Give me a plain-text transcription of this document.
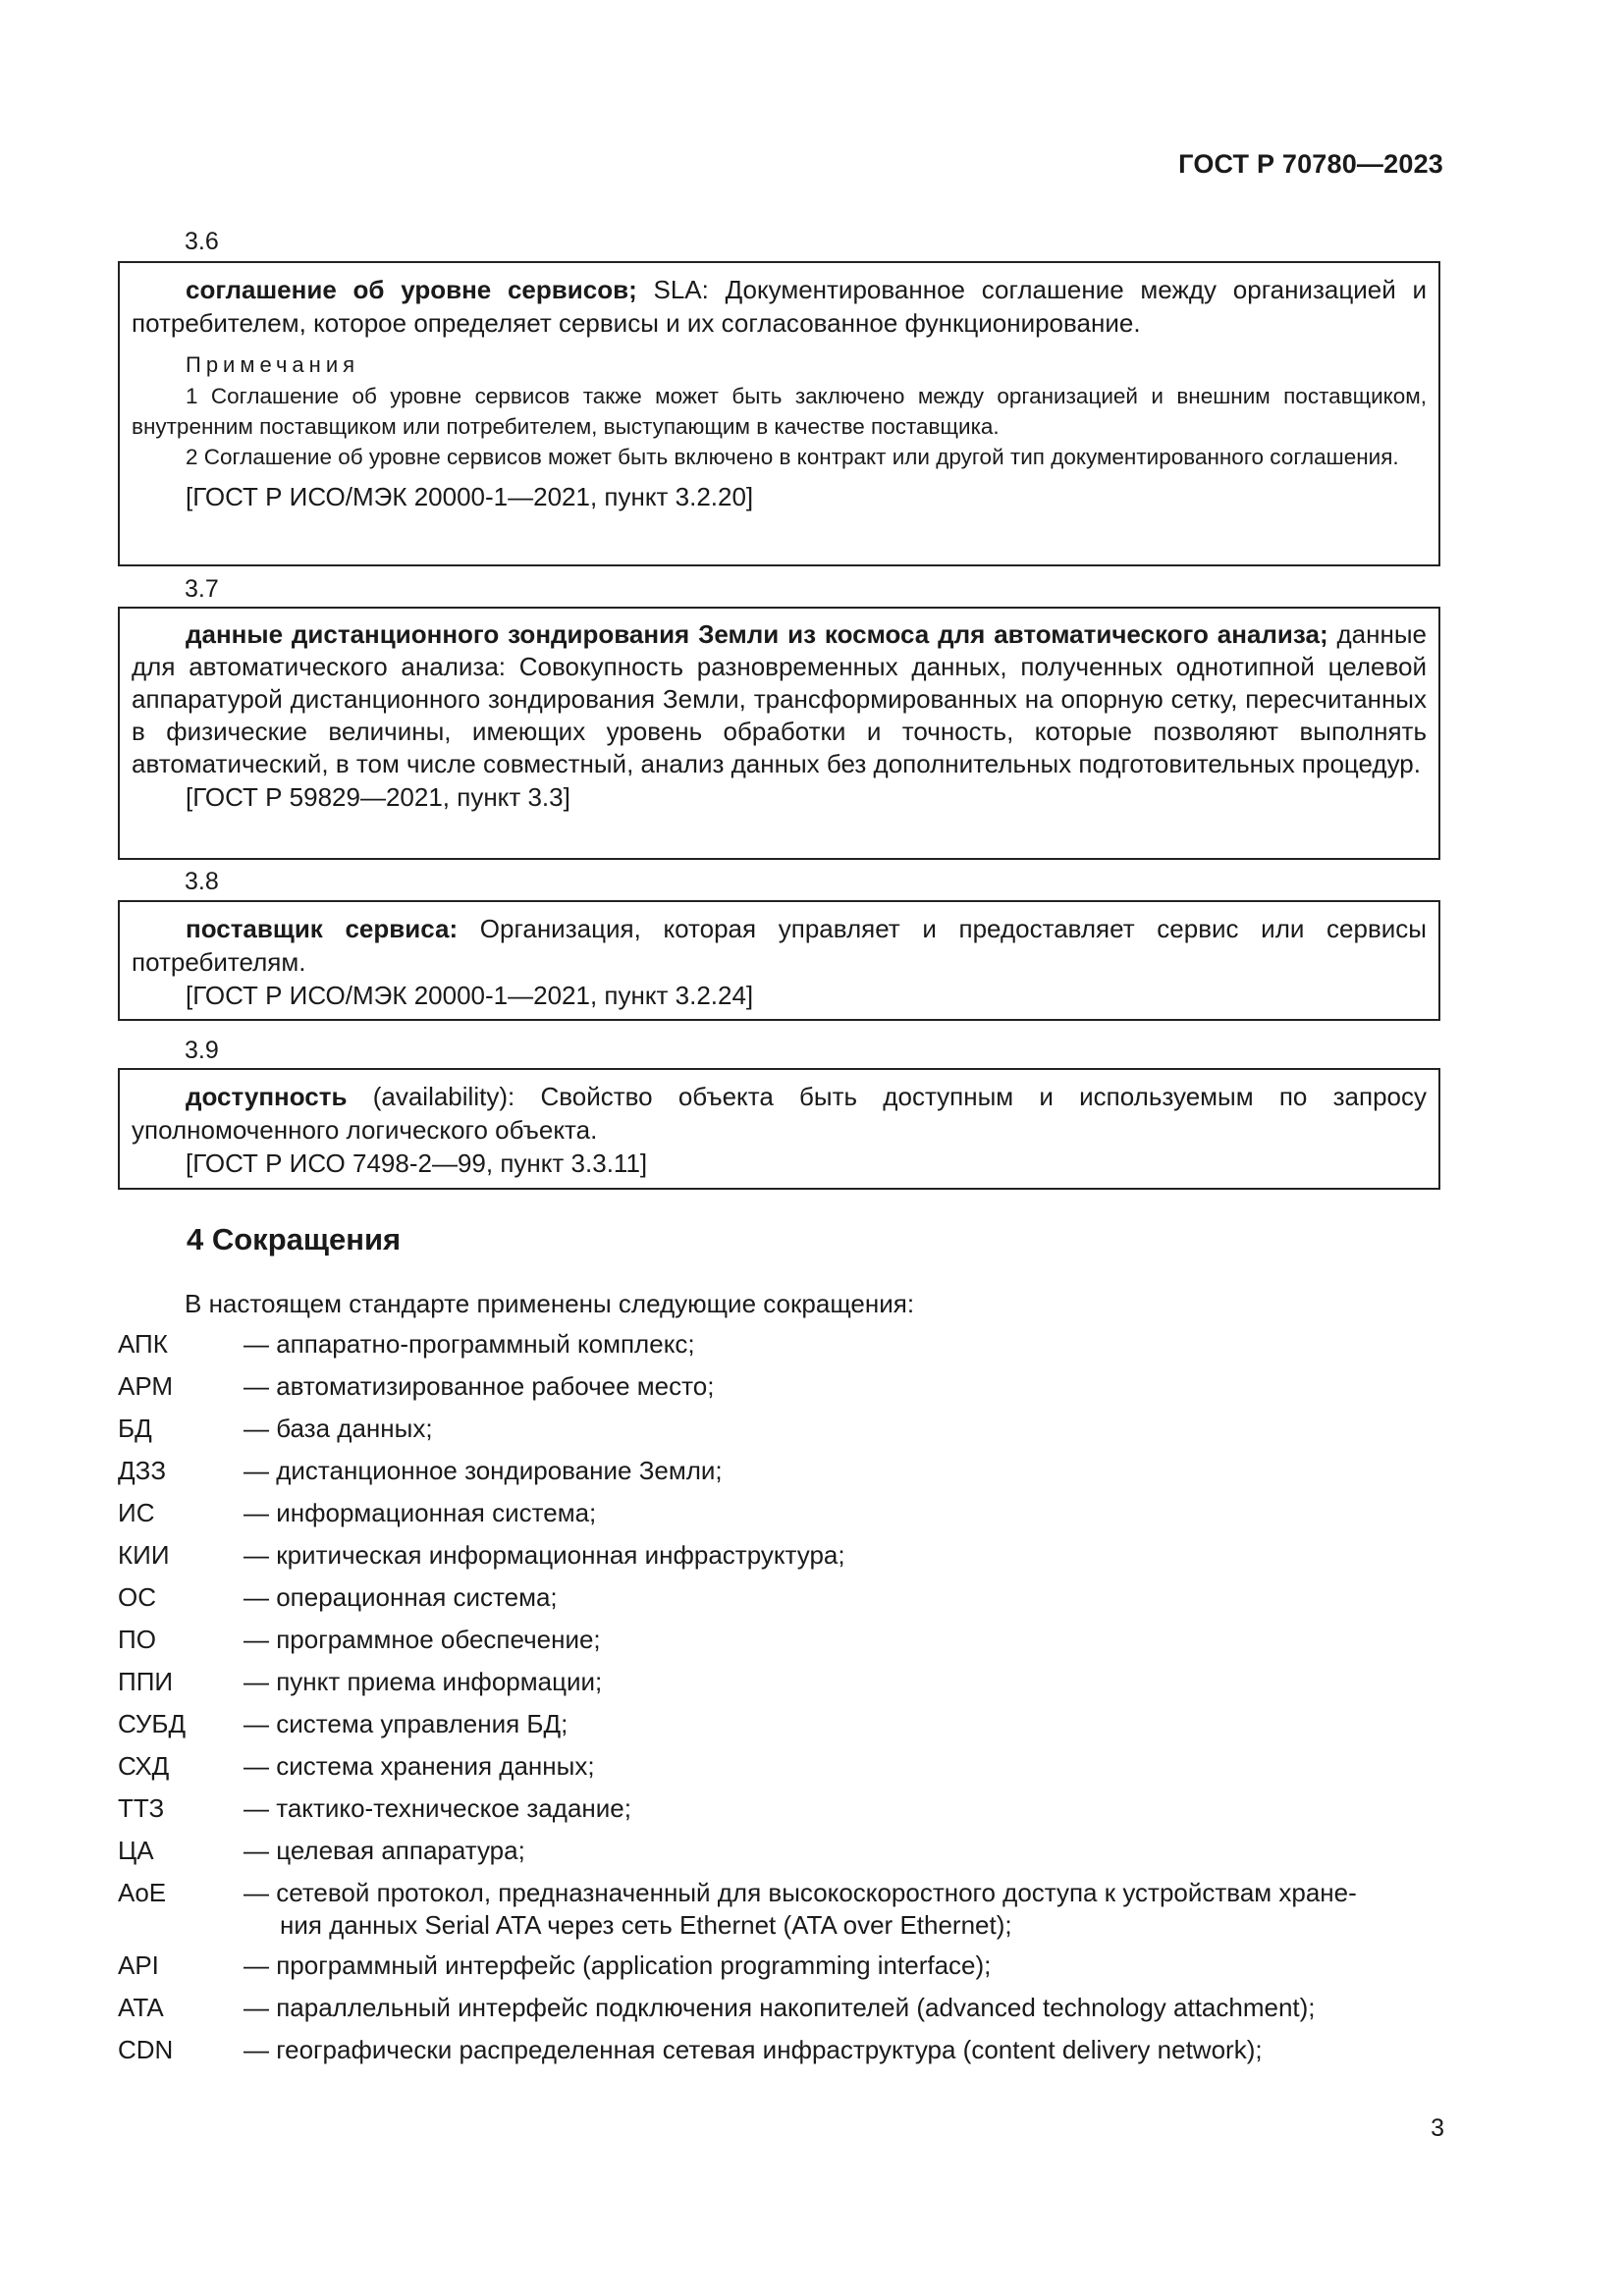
ГОСТ Р 70780—2023
3.6

соглашение об уровне сервисов; SLA: Документированное соглашение между организацией и потребителем, которое определяет сервисы и их согласованное функционирование.

Примечания

1 Соглашение об уровне сервисов также может быть заключено между организацией и внешним поставщиком, внутренним поставщиком или потребителем, выступающим в качестве поставщика.

2 Соглашение об уровне сервисов может быть включено в контракт или другой тип документированного соглашения.

[ГОСТ Р ИСО/МЭК 20000-1—2021, пункт 3.2.20]
3.7

данные дистанционного зондирования Земли из космоса для автоматического анализа; данные для автоматического анализа: Совокупность разновременных данных, полученных однотипной целевой аппаратурой дистанционного зондирования Земли, трансформированных на опорную сетку, пересчитанных в физические величины, имеющих уровень обработки и точность, которые позволяют выполнять автоматический, в том числе совместный, анализ данных без дополнительных подготовительных процедур.

[ГОСТ Р 59829—2021, пункт 3.3]
3.8

поставщик сервиса: Организация, которая управляет и предоставляет сервис или сервисы потребителям.

[ГОСТ Р ИСО/МЭК 20000-1—2021, пункт 3.2.24]
3.9

доступность (availability): Свойство объекта быть доступным и используемым по запросу уполномоченного логического объекта.

[ГОСТ Р ИСО 7498-2—99, пункт 3.3.11]
4 Сокращения
В настоящем стандарте применены следующие сокращения:
АПК	— аппаратно-программный комплекс;
АРМ	— автоматизированное рабочее место;
БД	— база данных;
ДЗЗ	— дистанционное зондирование Земли;
ИС	— информационная система;
КИИ	— критическая информационная инфраструктура;
ОС	— операционная система;
ПО	— программное обеспечение;
ППИ	— пункт приема информации;
СУБД	— система управления БД;
СХД	— система хранения данных;
ТТЗ	— тактико-техническое задание;
ЦА	— целевая аппаратура;
AoE	— сетевой протокол, предназначенный для высокоскоростного доступа к устройствам хране-
ния данных Serial ATA через сеть Ethernet (ATA over Ethernet);
API	— программный интерфейс (application programming interface);
ATA	— параллельный интерфейс подключения накопителей (advanced technology attachment);
CDN	— географически распределенная сетевая инфраструктура (content delivery network);
3
